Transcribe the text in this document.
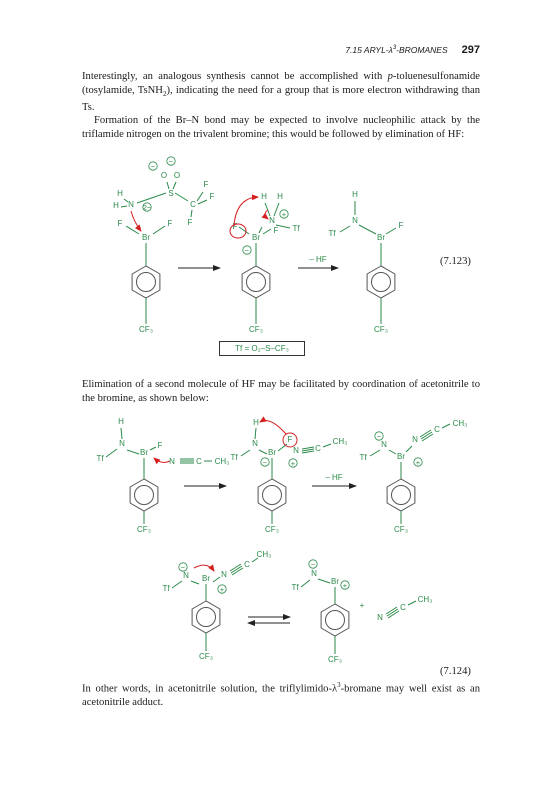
7.15 ARYL-$\lambda^3$-BROMANES 297
Interestingly, an analogous synthesis cannot be accomplished with p-toluenesulfonamide (tosylamide, TsNH$_2$), indicating the need for a group that is more electron withdrawing than Ts.
Formation of the Br–N bond may be expected to involve nucleophilic attack by the triflamide nitrogen on the trivalent bromine; this would be followed by elimination of HF:
(7.123)
Tf = O₂–S–CF₃
Elimination of a second molecule of HF may be facilitated by coordination of acetonitrile to the bromine, as shown below:
(7.124)
In other words, in acetonitrile solution, the triflylimido-$\lambda^3$-bromane may well exist as an acetonitrile adduct.
Br
CF₃
F	F
N
H
H	2−
S
O O
−
−
C
F
F
F
Br
CF₃
F	F
−
N
+
Tf
H H
– HF
Br
CF₃
N
H
Tf
F
Br
CF₃
N
H
Tf
F
N	C CH₃
Br
CF₃
N
H
Tf
−
F
N
+
C
CH₃
– HF
Br
CF₃
−
N
Tf
N
+
C
CH₃
Br
CF₃
−
N
Tf
N
+
C
CH₃
Br
CF₃
−
N
Tf	+
+
N
C
CH₃
